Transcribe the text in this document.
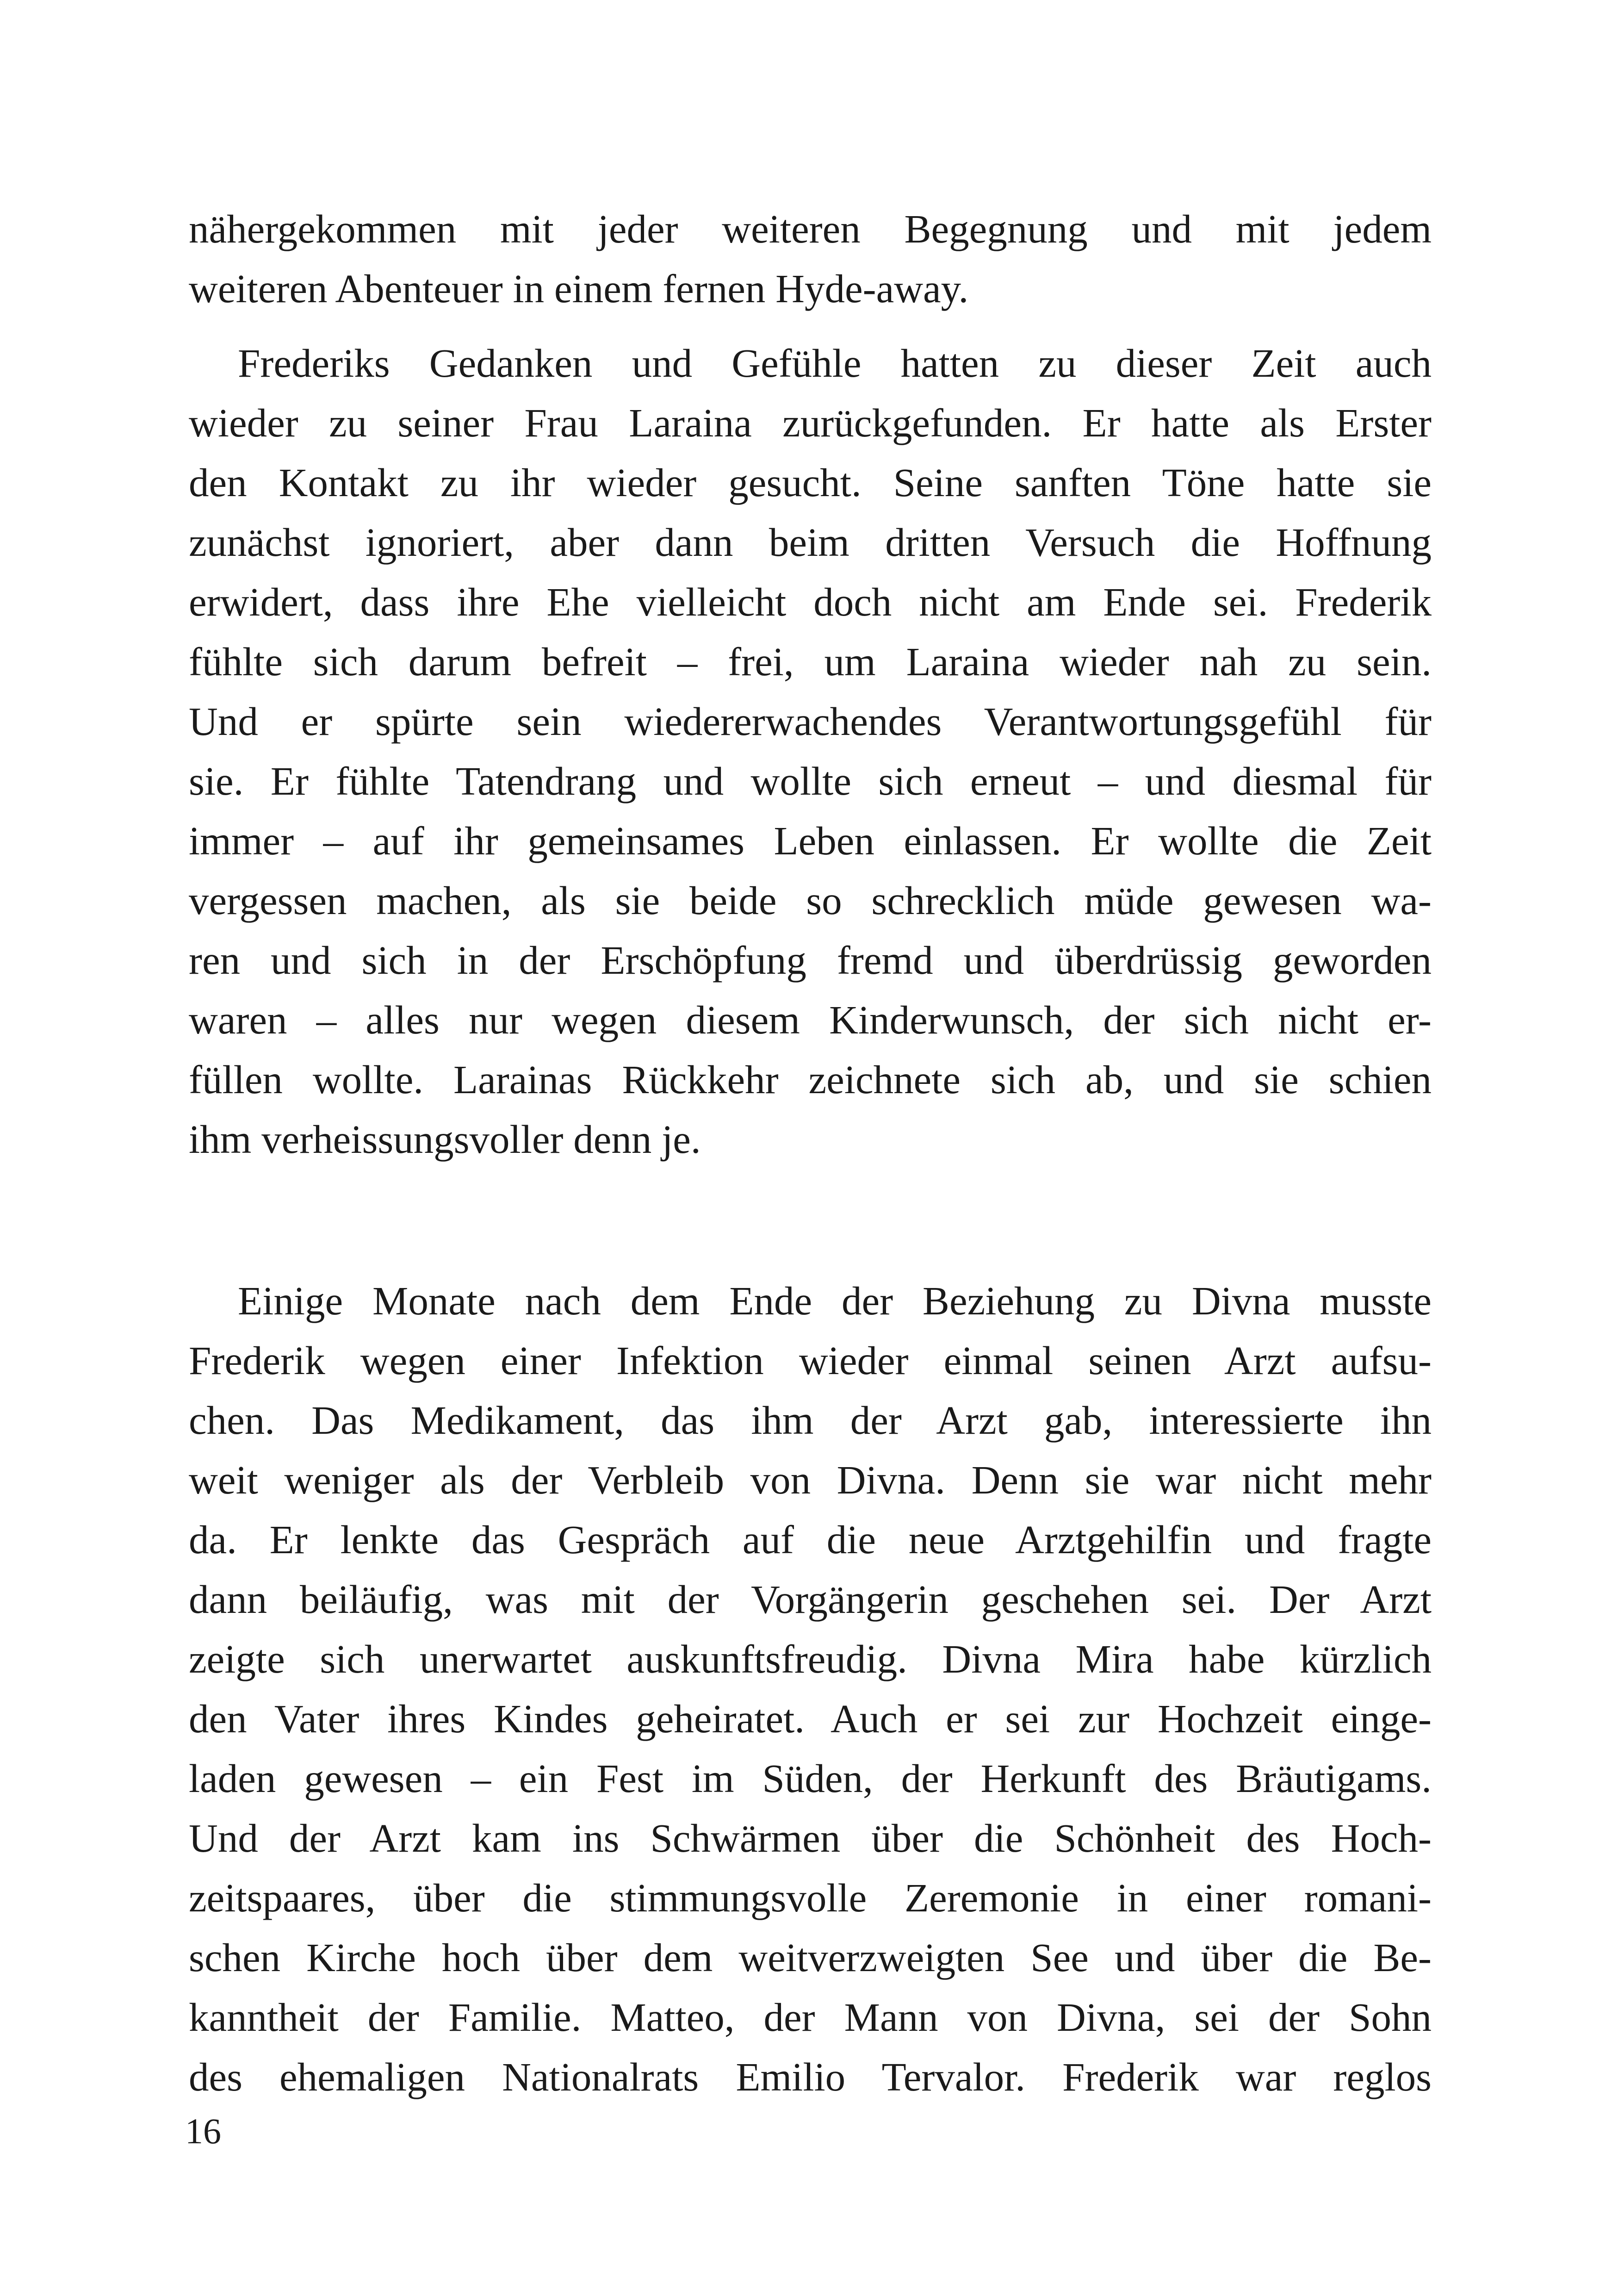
nähergekommen mit jeder weiteren Begegnung und mit jedem
weiteren Abenteuer in einem fernen Hyde-away.
Frederiks Gedanken und Gefühle hatten zu dieser Zeit auch
wieder zu seiner Frau Laraina zurückgefunden. Er hatte als Erster
den Kontakt zu ihr wieder gesucht. Seine sanften Töne hatte sie
zunächst ignoriert, aber dann beim dritten Versuch die Hoffnung
erwidert, dass ihre Ehe vielleicht doch nicht am Ende sei. Frederik
fühlte sich darum befreit – frei, um Laraina wieder nah zu sein.
Und er spürte sein wiedererwachendes Verantwortungsgefühl für
sie. Er fühlte Tatendrang und wollte sich erneut – und diesmal für
immer – auf ihr gemeinsames Leben einlassen. Er wollte die Zeit
vergessen machen, als sie beide so schrecklich müde gewesen wa-
ren und sich in der Erschöpfung fremd und überdrüssig geworden
waren – alles nur wegen diesem Kinderwunsch, der sich nicht er-
füllen wollte. Larainas Rückkehr zeichnete sich ab, und sie schien
ihm verheissungsvoller denn je.
Einige Monate nach dem Ende der Beziehung zu Divna musste
Frederik wegen einer Infektion wieder einmal seinen Arzt aufsu-
chen. Das Medikament, das ihm der Arzt gab, interessierte ihn
weit weniger als der Verbleib von Divna. Denn sie war nicht mehr
da. Er lenkte das Gespräch auf die neue Arztgehilfin und fragte
dann beiläufig, was mit der Vorgängerin geschehen sei. Der Arzt
zeigte sich unerwartet auskunftsfreudig. Divna Mira habe kürzlich
den Vater ihres Kindes geheiratet. Auch er sei zur Hochzeit einge-
laden gewesen – ein Fest im Süden, der Herkunft des Bräutigams.
Und der Arzt kam ins Schwärmen über die Schönheit des Hoch-
zeitspaares, über die stimmungsvolle Zeremonie in einer romani-
schen Kirche hoch über dem weitverzweigten See und über die Be-
kanntheit der Familie. Matteo, der Mann von Divna, sei der Sohn
des ehemaligen Nationalrats Emilio Tervalor. Frederik war reglos
16
